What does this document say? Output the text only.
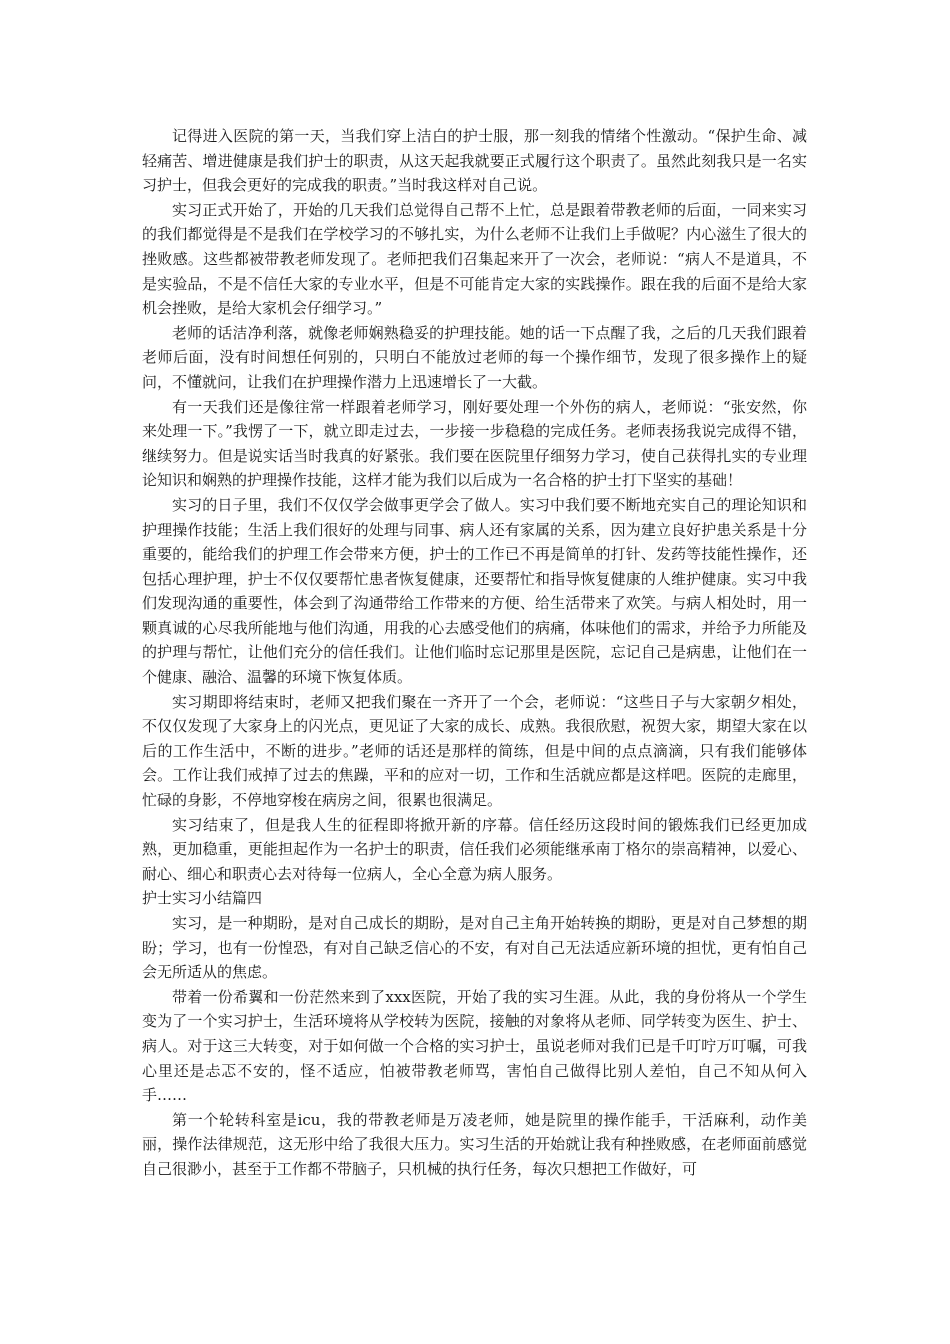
记得进入医院的第一天，当我们穿上洁白的护士服，那一刻我的情绪个性激动。“保护生命、减轻痛苦、增进健康是我们护士的职责，从这天起我就要正式履行这个职责了。虽然此刻我只是一名实习护士，但我会更好的完成我的职责。”当时我这样对自己说。

实习正式开始了，开始的几天我们总觉得自己帮不上忙，总是跟着带教老师的后面，一同来实习的我们都觉得是不是我们在学校学习的不够扎实，为什么老师不让我们上手做呢？内心滋生了很大的挫败感。这些都被带教老师发现了。老师把我们召集起来开了一次会，老师说：“病人不是道具，不是实验品，不是不信任大家的专业水平，但是不可能肯定大家的实践操作。跟在我的后面不是给大家机会挫败，是给大家机会仔细学习。”

老师的话洁净利落，就像老师娴熟稳妥的护理技能。她的话一下点醒了我，之后的几天我们跟着老师后面，没有时间想任何别的，只明白不能放过老师的每一个操作细节，发现了很多操作上的疑问，不懂就问，让我们在护理操作潜力上迅速增长了一大截。

有一天我们还是像往常一样跟着老师学习，刚好要处理一个外伤的病人，老师说：“张安然，你来处理一下。”我愣了一下，就立即走过去，一步接一步稳稳的完成任务。老师表扬我说完成得不错，继续努力。但是说实话当时我真的好紧张。我们要在医院里仔细努力学习，使自己获得扎实的专业理论知识和娴熟的护理操作技能，这样才能为我们以后成为一名合格的护士打下坚实的基础！

实习的日子里，我们不仅仅学会做事更学会了做人。实习中我们要不断地充实自己的理论知识和护理操作技能；生活上我们很好的处理与同事、病人还有家属的关系，因为建立良好护患关系是十分重要的，能给我们的护理工作会带来方便，护士的工作已不再是简单的打针、发药等技能性操作，还包括心理护理，护士不仅仅要帮忙患者恢复健康，还要帮忙和指导恢复健康的人维护健康。实习中我们发现沟通的重要性，体会到了沟通带给工作带来的方便、给生活带来了欢笑。与病人相处时，用一颗真诚的心尽我所能地与他们沟通，用我的心去感受他们的病痛，体味他们的需求，并给予力所能及的护理与帮忙，让他们充分的信任我们。让他们临时忘记那里是医院，忘记自己是病患，让他们在一个健康、融洽、温馨的环境下恢复体质。

实习期即将结束时，老师又把我们聚在一齐开了一个会，老师说：“这些日子与大家朝夕相处，不仅仅发现了大家身上的闪光点，更见证了大家的成长、成熟。我很欣慰，祝贺大家，期望大家在以后的工作生活中，不断的进步。”老师的话还是那样的简练，但是中间的点点滴滴，只有我们能够体会。工作让我们戒掉了过去的焦躁，平和的应对一切，工作和生活就应都是这样吧。医院的走廊里，忙碌的身影，不停地穿梭在病房之间，很累也很满足。

实习结束了，但是我人生的征程即将掀开新的序幕。信任经历这段时间的锻炼我们已经更加成熟，更加稳重，更能担起作为一名护士的职责，信任我们必须能继承南丁格尔的崇高精神，以爱心、耐心、细心和职责心去对待每一位病人，全心全意为病人服务。

护士实习小结篇四

实习，是一种期盼，是对自己成长的期盼，是对自己主角开始转换的期盼，更是对自己梦想的期盼；学习，也有一份惶恐，有对自己缺乏信心的不安，有对自己无法适应新环境的担忧，更有怕自己会无所适从的焦虑。

带着一份希翼和一份茫然来到了xxx医院，开始了我的实习生涯。从此，我的身份将从一个学生变为了一个实习护士，生活环境将从学校转为医院，接触的对象将从老师、同学转变为医生、护士、病人。对于这三大转变，对于如何做一个合格的实习护士，虽说老师对我们已是千叮咛万叮嘱，可我心里还是忐忑不安的，怪不适应，怕被带教老师骂，害怕自己做得比别人差怕，自己不知从何入手……

第一个轮转科室是icu，我的带教老师是万凌老师，她是院里的操作能手，干活麻利，动作美丽，操作法律规范，这无形中给了我很大压力。实习生活的开始就让我有种挫败感，在老师面前感觉自己很渺小，甚至于工作都不带脑子，只机械的执行任务，每次只想把工作做好，可
